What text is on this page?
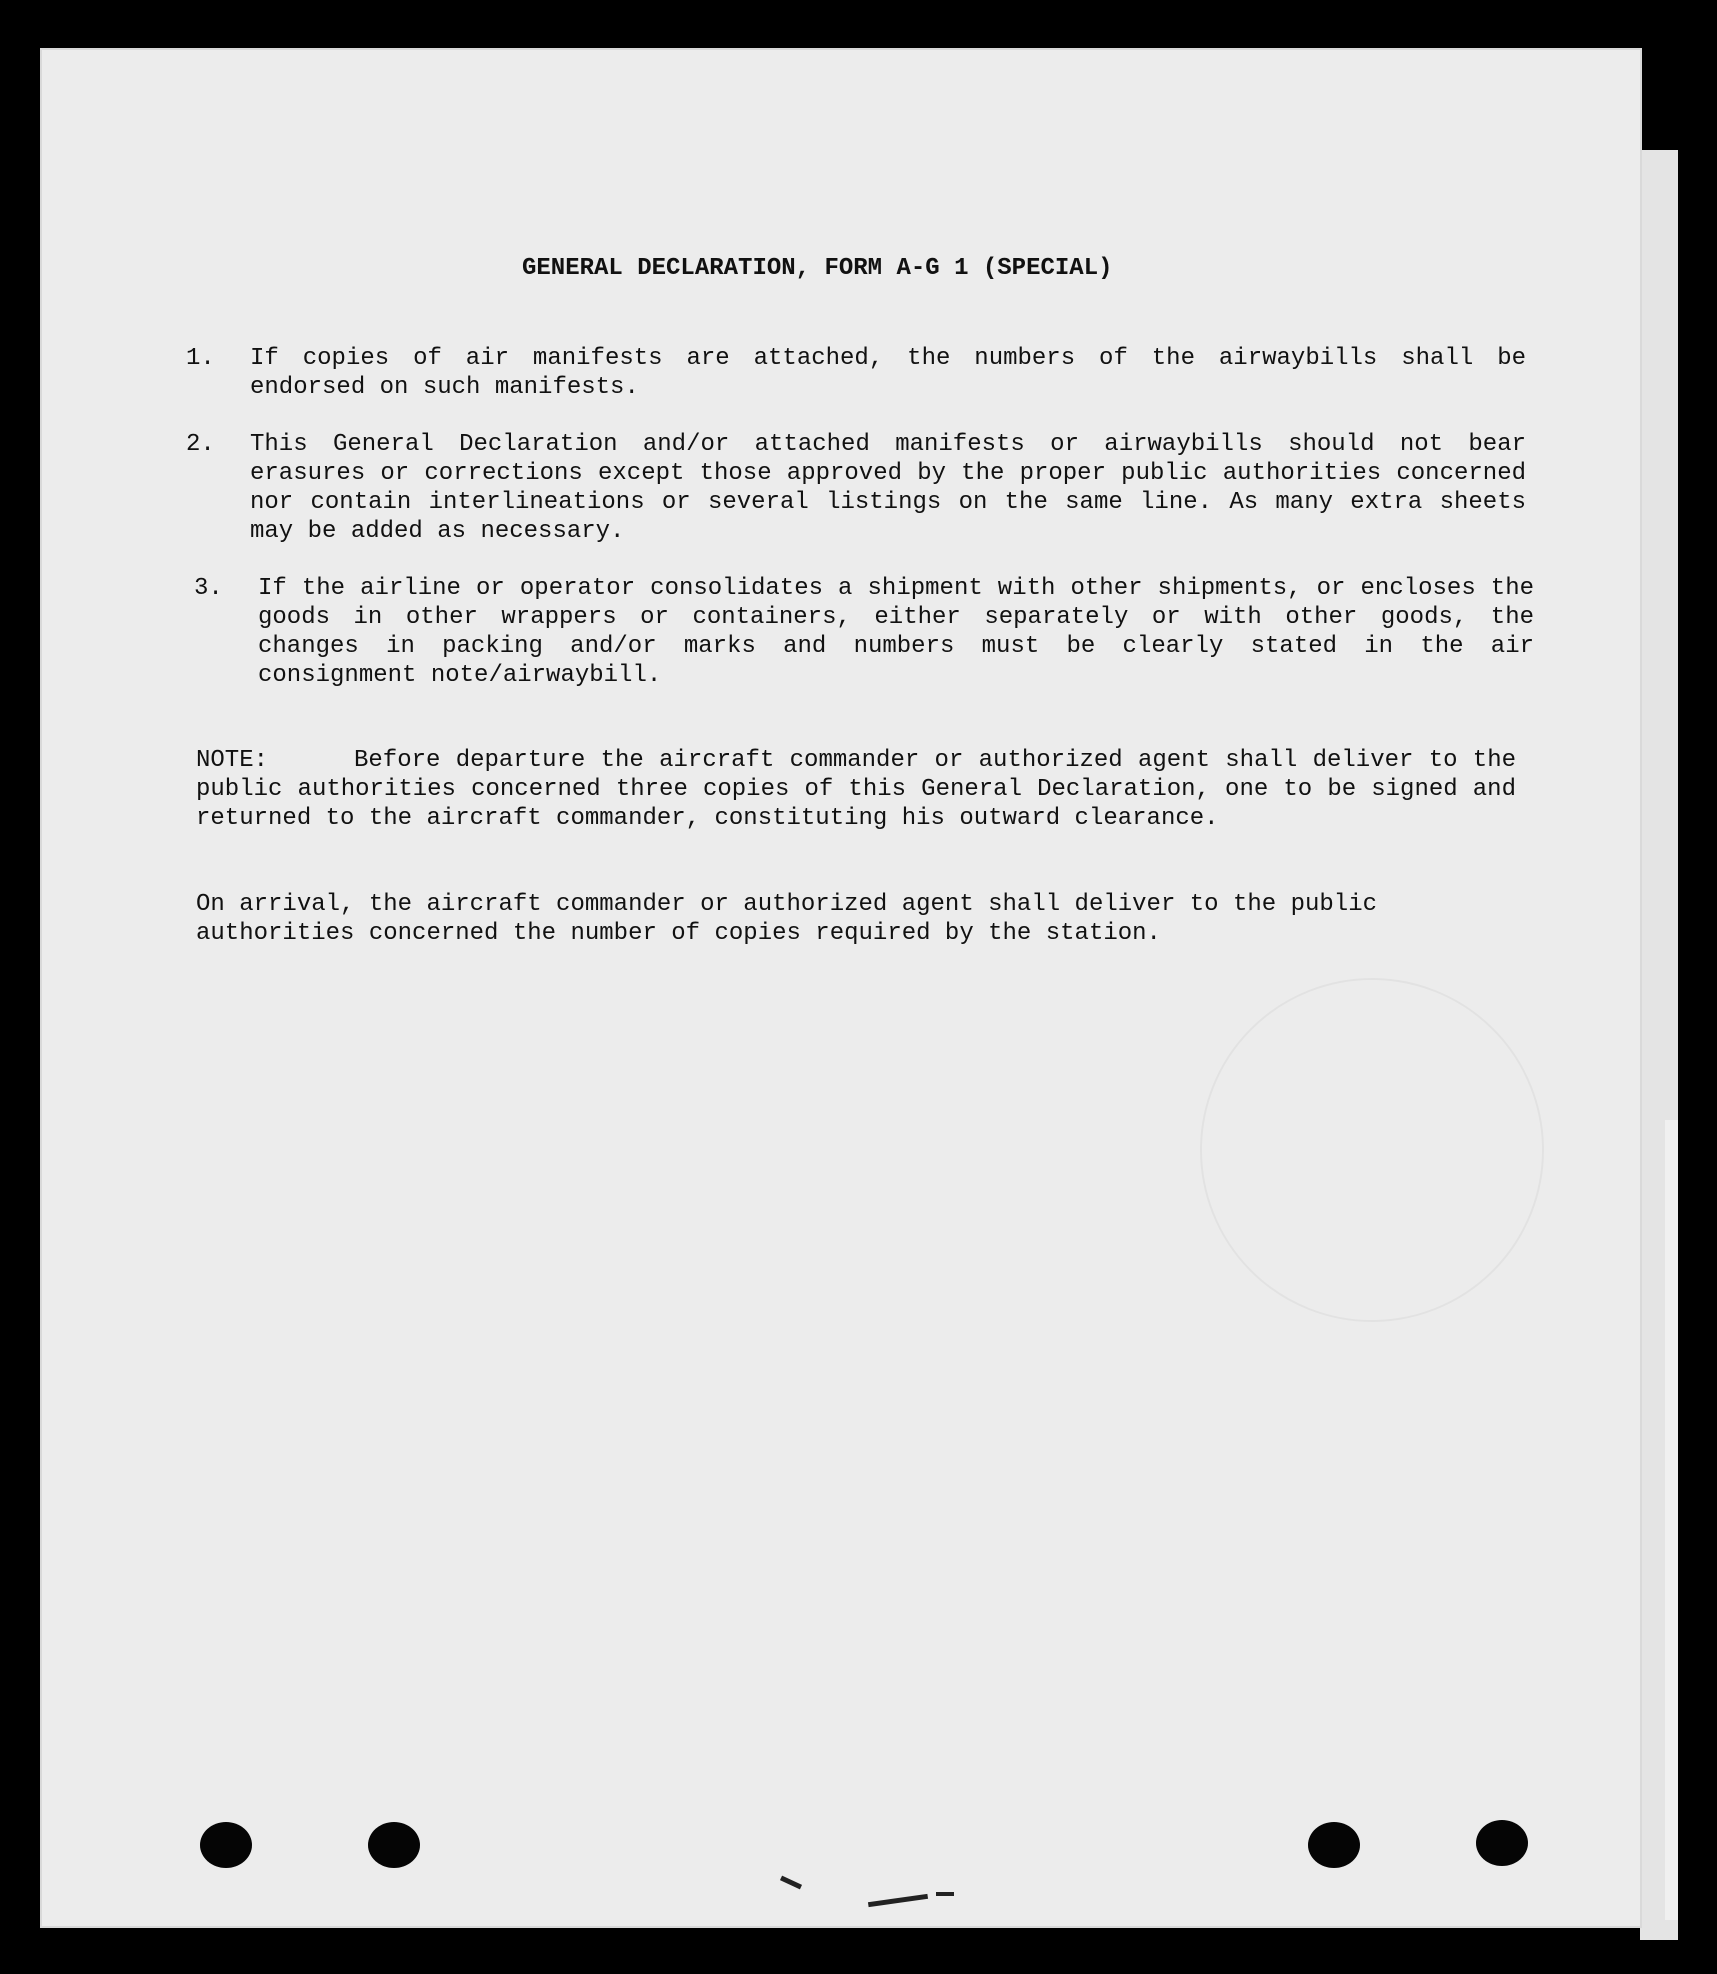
GENERAL DECLARATION, FORM A-G 1 (SPECIAL)

1.	If copies of air manifests are attached, the numbers of the airwaybills shall be endorsed on such manifests.
2.	This General Declaration and/or attached manifests or airwaybills should not bear erasures or corrections except those approved by the proper public authorities concerned nor contain interlineations or several listings on the same line. As many extra sheets may be added as necessary.
3.	If the airline or operator consolidates a shipment with other shipments, or encloses the goods in other wrappers or containers, either separately or with other goods, the changes in packing and/or marks and numbers must be clearly stated in the air consignment note/airwaybill.

NOTE:	Before departure the aircraft commander or authorized agent shall deliver to the public authorities concerned three copies of this General Declaration, one to be signed and returned to the aircraft commander, constituting his outward clearance.

On arrival, the aircraft commander or authorized agent shall deliver to the public authorities concerned the number of copies required by the station.
